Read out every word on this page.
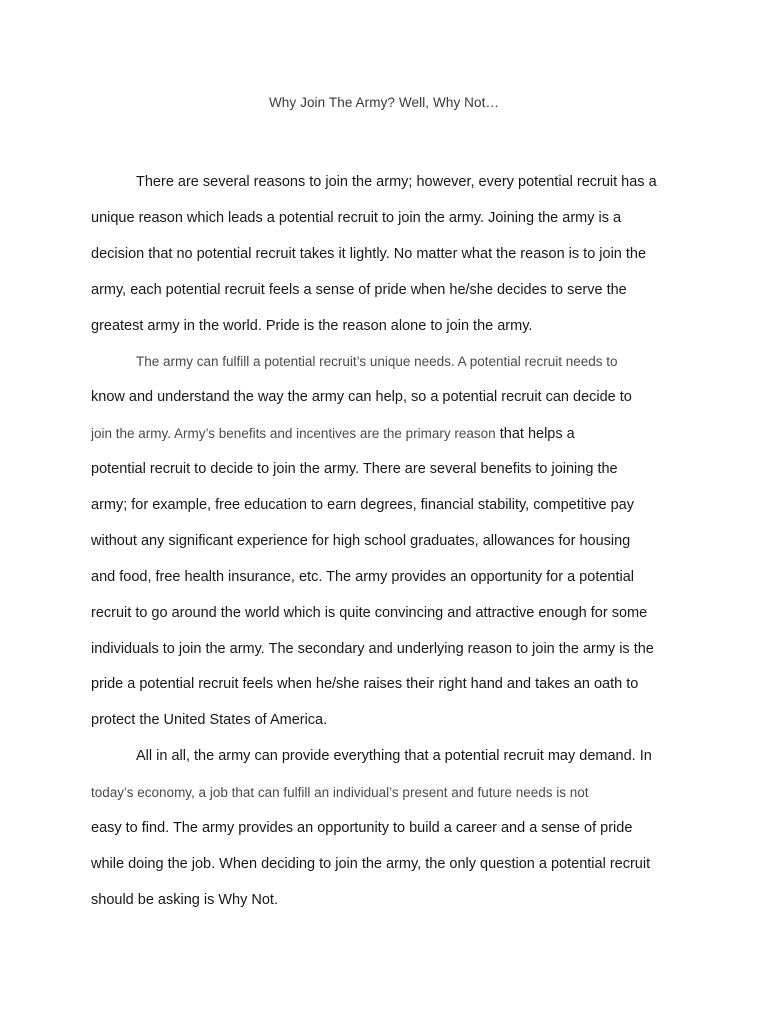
Why Join The Army? Well, Why Not…
There are several reasons to join the army; however, every potential recruit has a
unique reason which leads a potential recruit to join the army. Joining the army is a
decision that no potential recruit takes it lightly. No matter what the reason is to join the
army, each potential recruit feels a sense of pride when he/she decides to serve the
greatest army in the world. Pride is the reason alone to join the army.
The army can fulfill a potential recruit’s unique needs. A potential recruit needs to
know and understand the way the army can help, so a potential recruit can decide to
join the army. Army’s benefits and incentives are the primary reason that helps a
potential recruit to decide to join the army. There are several benefits to joining the
army; for example, free education to earn degrees, financial stability, competitive pay
without any significant experience for high school graduates, allowances for housing
and food, free health insurance, etc. The army provides an opportunity for a potential
recruit to go around the world which is quite convincing and attractive enough for some
individuals to join the army. The secondary and underlying reason to join the army is the
pride a potential recruit feels when he/she raises their right hand and takes an oath to
protect the United States of America.
All in all, the army can provide everything that a potential recruit may demand. In
today’s economy, a job that can fulfill an individual’s present and future needs is not
easy to find. The army provides an opportunity to build a career and a sense of pride
while doing the job. When deciding to join the army, the only question a potential recruit
should be asking is Why Not.
